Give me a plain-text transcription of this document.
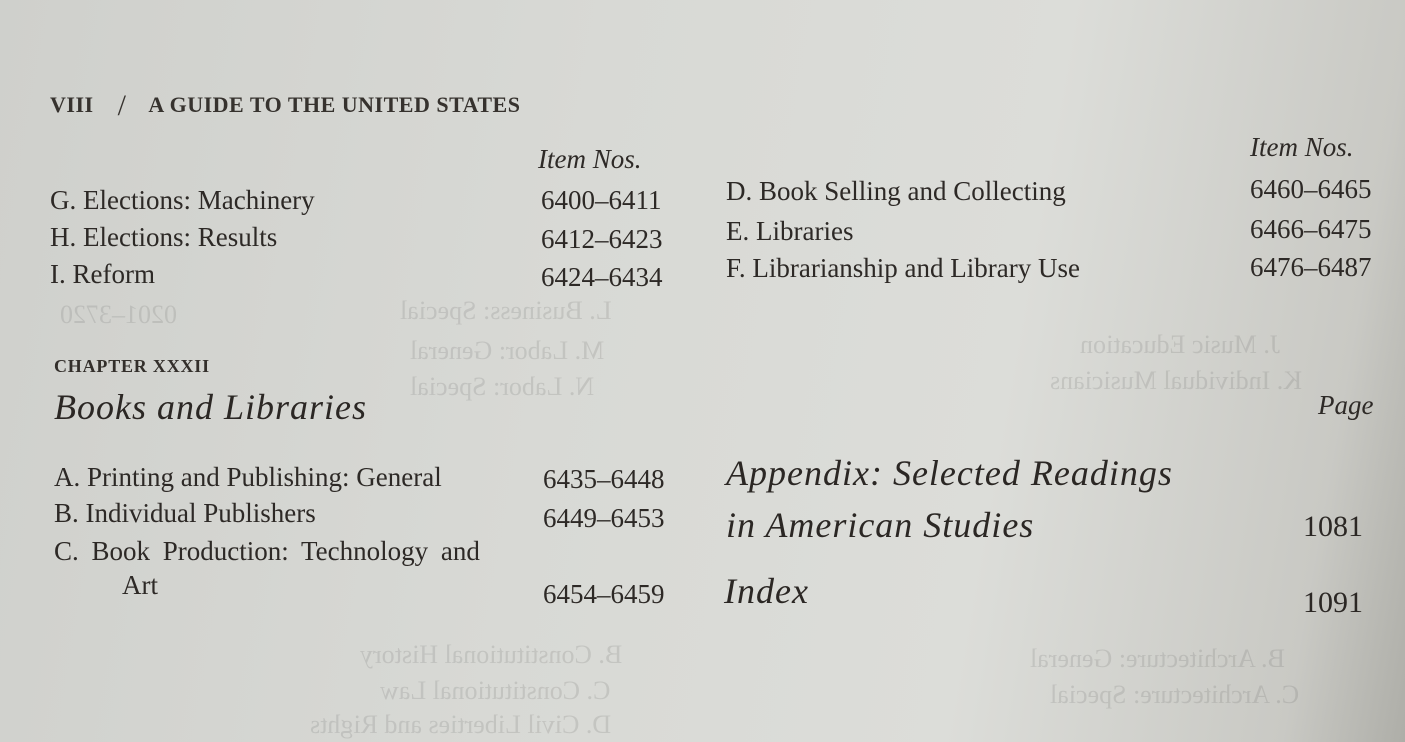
0201–3720	L. Business: Special
M. Labor: General
N. Labor: Special
J. Music Education
K. Individual Musicians
B. Constitutional History
C. Constitutional Law
D. Civil Liberties and Rights
B. Architecture: General
C. Architecture: Special
VIII / A GUIDE TO THE UNITED STATES
Item Nos.
G. Elections: Machinery	6400–6411
H. Elections: Results	6412–6423
I. Reform	6424–6434
Item Nos.
D. Book Selling and Collecting	6460–6465
E. Libraries	6466–6475
F. Librarianship and Library Use	6476–6487
CHAPTER XXXII
Books and Libraries
A. Printing and Publishing: General	6435–6448
B. Individual Publishers	6449–6453
C. Book Production: Technology and
Art	6454–6459
Page
Appendix: Selected Readings
in American Studies	1081
Index	1091
